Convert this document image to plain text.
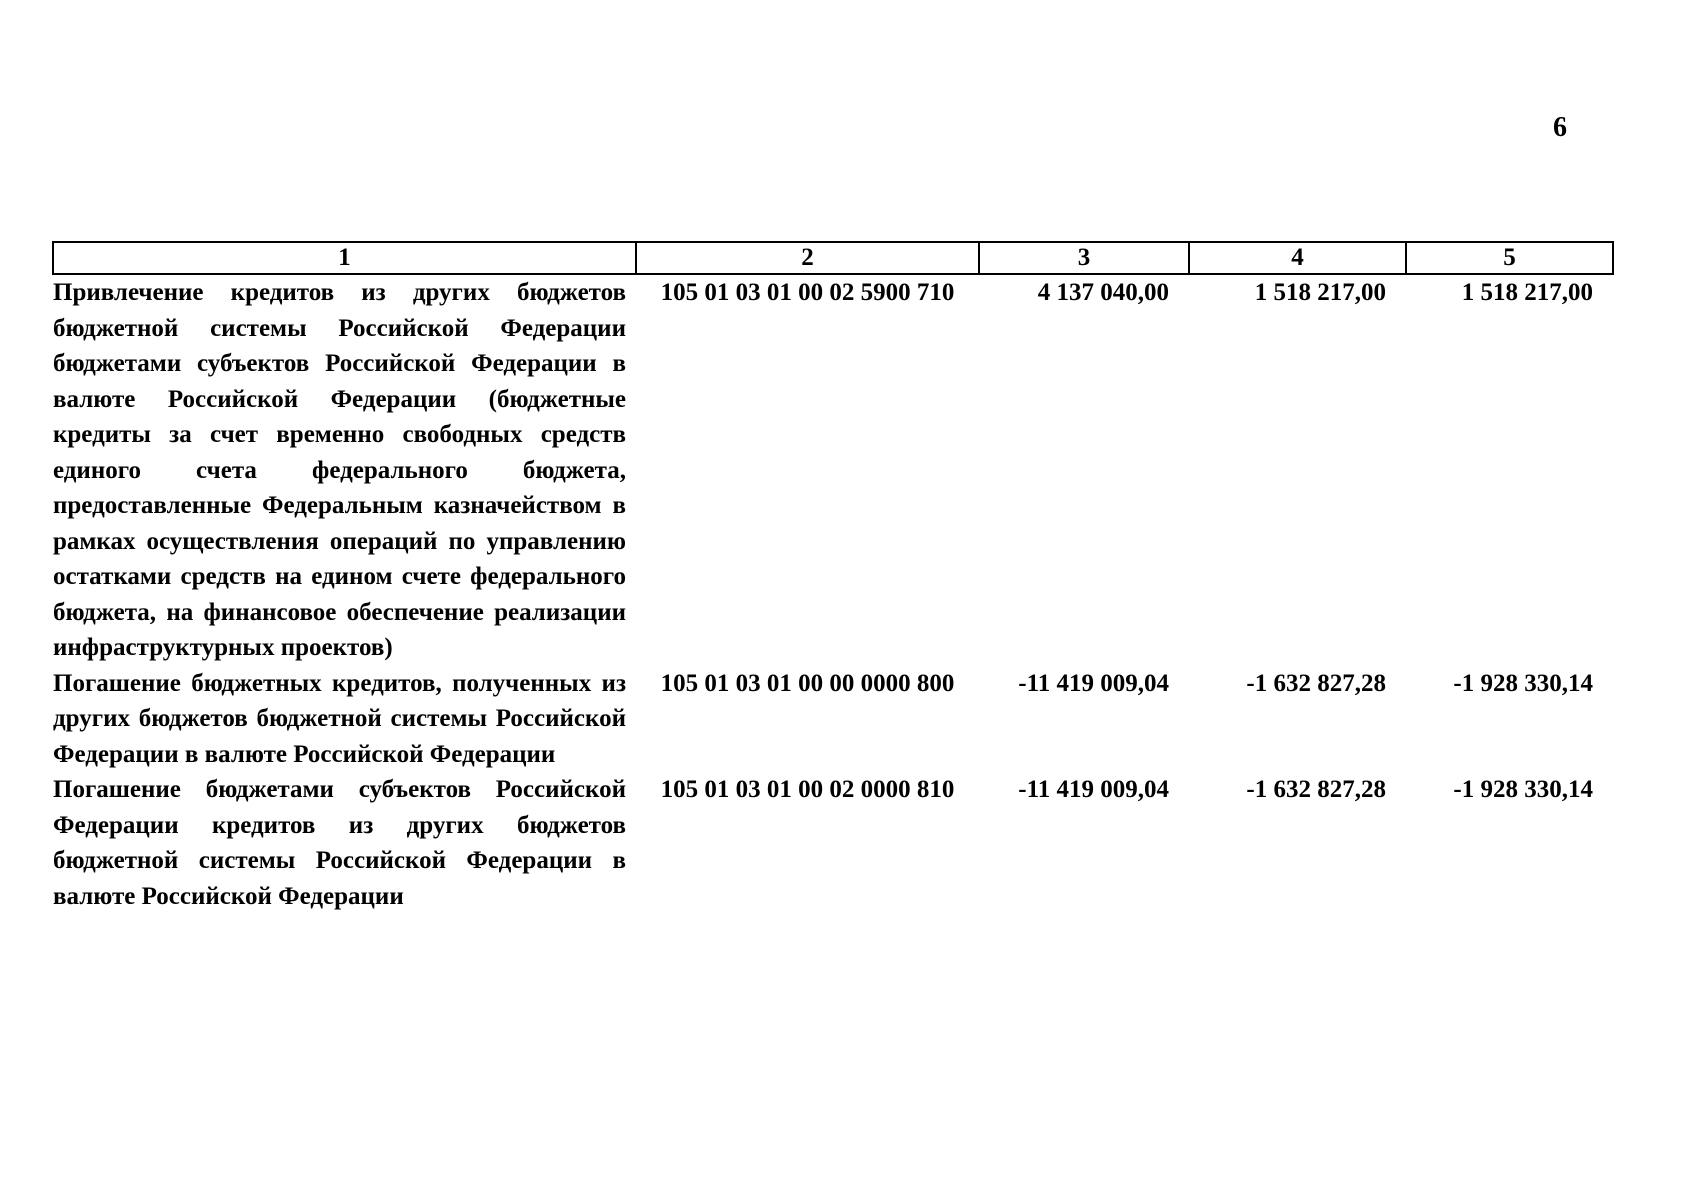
6
1	2	3	4	5
Привлечение кредитов из других бюджетов бюджетной системы Российской Федерации бюджетами субъектов Российской Федерации в валюте Российской Федерации (бюджетные кредиты за счет временно свободных средств единого счета федерального бюджета, предоставленные Федеральным казначейством в рамках осуществления операций по управлению остатками средств на едином счете федерального бюджета, на финансовое обеспечение реализации инфраструктурных проектов)	105 01 03 01 00 02 5900 710	4 137 040,00	1 518 217,00	1 518 217,00
Погашение бюджетных кредитов, полученных из других бюджетов бюджетной системы Российской Федерации в валюте Российской Федерации	105 01 03 01 00 00 0000 800	-11 419 009,04	-1 632 827,28	-1 928 330,14
Погашение бюджетами субъектов Российской Федерации кредитов из других бюджетов бюджетной системы Российской Федерации в валюте Российской Федерации	105 01 03 01 00 02 0000 810	-11 419 009,04	-1 632 827,28	-1 928 330,14
